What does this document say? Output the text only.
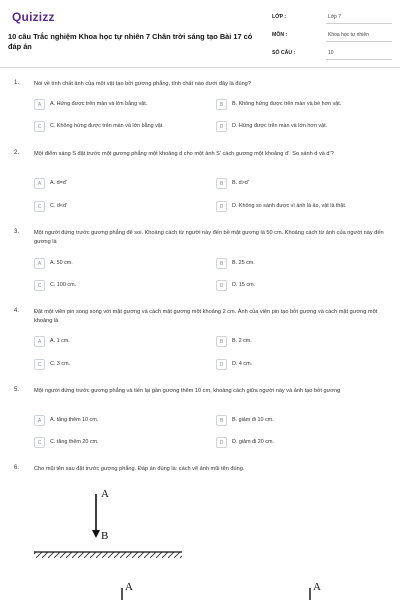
Quizizz
10 câu Trắc nghiệm Khoa học tự nhiên 7 Chân trời sáng tạo Bài 17 có đáp án
LỚP :	Lớp 7
MÔN :	Khoa học tự nhiên
SỐ CÂU :	10
1.	Nói về tính chất ảnh của một vật tạo bởi gương phẳng, tính chất nào dưới đây là đúng?
A	A. Hứng được trên màn và lớn bằng vật.	B	B. Không hứng được trên màn và bé hơn vật.
C	C. Không hứng được trên màn và lớn bằng vật.	D	D. Hứng được trên màn và lớn hơn vật.
2.	Một điểm sáng S đặt trước một gương phẳng một khoảng d cho một ảnh S' cách gương một khoảng d'. So sánh d và d'?
A	A. d=d'	B	B. d>d'
C	C. d<d'	D	D. Không so sánh được vì ảnh là ảo, vật là thật.
3.	Một người đứng trước gương phẳng để soi. Khoảng cách từ người này đến bề mặt gương là 50 cm. Khoảng cách từ ảnh của người này đến gương là
A	A. 50 cm.	B	B. 25 cm.
C	C. 100 cm.	D	D. 15 cm.
4.	Đặt một viên pin song song với mặt gương và cách mặt gương một khoảng 2 cm. Ảnh của viên pin tạo bởi gương và cách mặt gương một khoảng là
A	A. 1 cm.	B	B. 2 cm.
C	C. 3 cm.	D	D. 4 cm.
5.	Một người đứng trước gương phẳng và tiến lại gần gương thêm 10 cm, khoảng cách giữa người này và ảnh tạo bởi gương
A	A. tăng thêm 10 cm.	B	B. giảm đi 10 cm.
C	C. tăng thêm 20 cm.	D	D. giảm đi 20 cm.
6.	Cho mũi tên sau đặt trước gương phẳng. Đáp án đúng là: cách vẽ ảnh mũi tên đúng.
A
B
A	A
